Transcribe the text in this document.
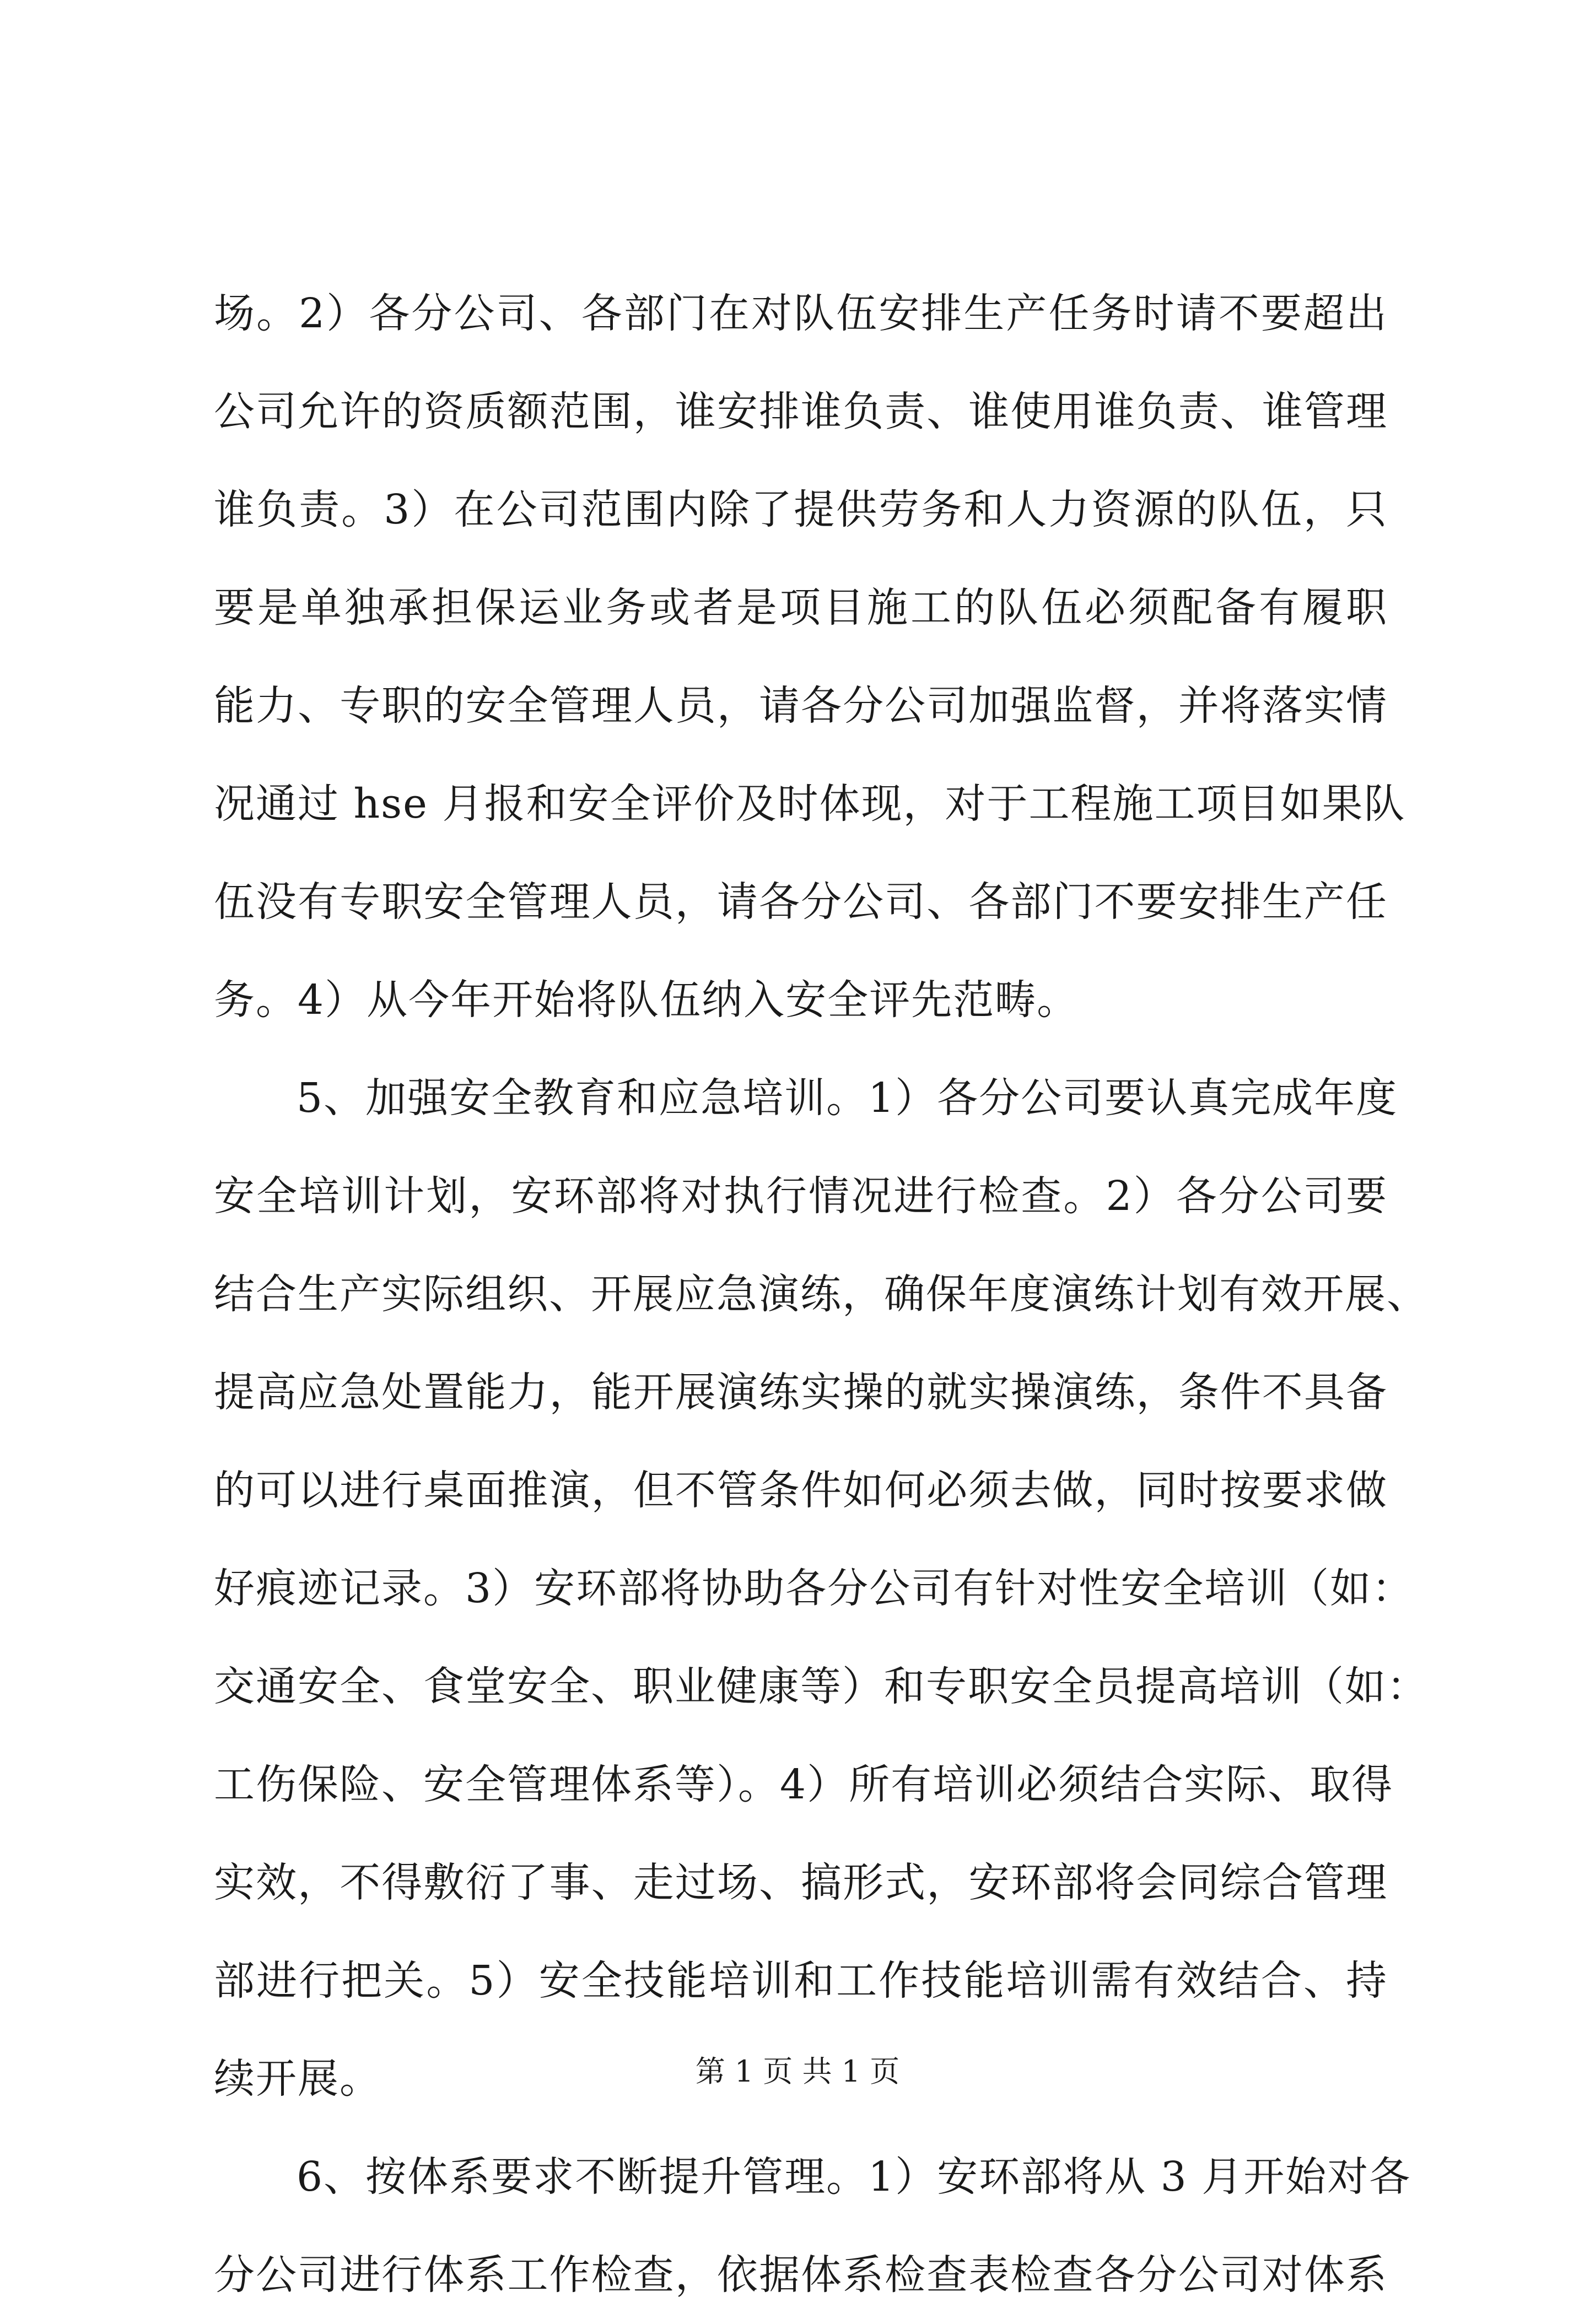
场。2）各分公司、各部门在对队伍安排生产任务时请不要超出
公司允许的资质额范围，谁安排谁负责、谁使用谁负责、谁管理
谁负责。3）在公司范围内除了提供劳务和人力资源的队伍，只
要是单独承担保运业务或者是项目施工的队伍必须配备有履职
能力、专职的安全管理人员，请各分公司加强监督，并将落实情
况通过 hse 月报和安全评价及时体现，对于工程施工项目如果队
伍没有专职安全管理人员，请各分公司、各部门不要安排生产任
务。4）从今年开始将队伍纳入安全评先范畴。
5、加强安全教育和应急培训。1）各分公司要认真完成年度
安全培训计划，安环部将对执行情况进行检查。2）各分公司要
结合生产实际组织、开展应急演练，确保年度演练计划有效开展、
提高应急处置能力，能开展演练实操的就实操演练，条件不具备
的可以进行桌面推演，但不管条件如何必须去做，同时按要求做
好痕迹记录。3）安环部将协助各分公司有针对性安全培训（如：
交通安全、食堂安全、职业健康等）和专职安全员提高培训（如：
工伤保险、安全管理体系等）。4）所有培训必须结合实际、取得
实效，不得敷衍了事、走过场、搞形式，安环部将会同综合管理
部进行把关。5）安全技能培训和工作技能培训需有效结合、持
续开展。
6、按体系要求不断提升管理。1）安环部将从 3 月开始对各
分公司进行体系工作检查，依据体系检查表检查各分公司对体系
第 1 页 共 1 页
